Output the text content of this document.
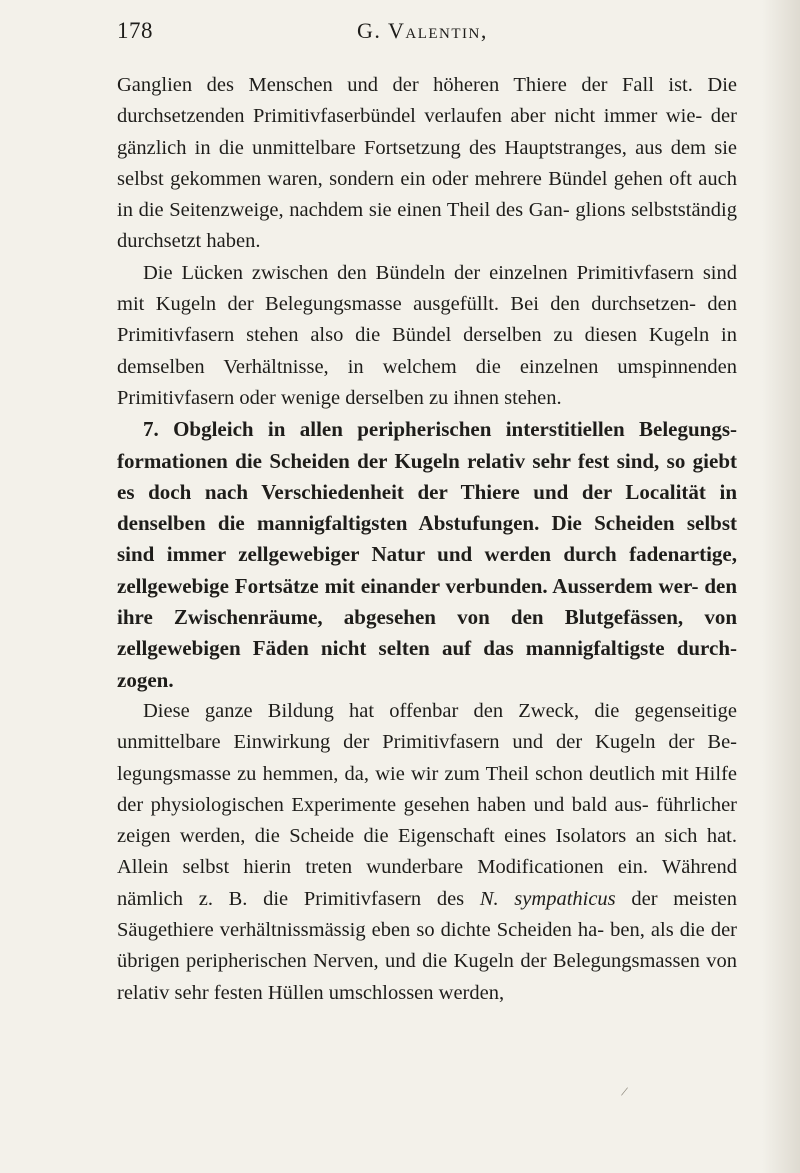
178	G. Valentin,

Ganglien des Menschen und der höheren Thiere der Fall ist. Die durchsetzenden Primitivfaserbündel verlaufen aber nicht immer wie- der gänzlich in die unmittelbare Fortsetzung des Hauptstranges, aus dem sie selbst gekommen waren, sondern ein oder mehrere Bündel gehen oft auch in die Seitenzweige, nachdem sie einen Theil des Gan- glions selbstständig durchsetzt haben.

Die Lücken zwischen den Bündeln der einzelnen Primitivfasern sind mit Kugeln der Belegungsmasse ausgefüllt. Bei den durchsetzen- den Primitivfasern stehen also die Bündel derselben zu diesen Kugeln in demselben Verhältnisse, in welchem die einzelnen umspinnenden Primitivfasern oder wenige derselben zu ihnen stehen.

7. Obgleich in allen peripherischen interstitiellen Belegungs- formationen die Scheiden der Kugeln relativ sehr fest sind, so giebt es doch nach Verschiedenheit der Thiere und der Localität in denselben die mannigfaltigsten Abstufungen. Die Scheiden selbst sind immer zellgewebiger Natur und werden durch fadenartige, zellgewebige Fortsätze mit einander verbunden. Ausserdem wer- den ihre Zwischenräume, abgesehen von den Blutgefässen, von zellgewebigen Fäden nicht selten auf das mannigfaltigste durch- zogen.

Diese ganze Bildung hat offenbar den Zweck, die gegenseitige unmittelbare Einwirkung der Primitivfasern und der Kugeln der Be- legungsmasse zu hemmen, da, wie wir zum Theil schon deutlich mit Hilfe der physiologischen Experimente gesehen haben und bald aus- führlicher zeigen werden, die Scheide die Eigenschaft eines Isolators an sich hat. Allein selbst hierin treten wunderbare Modificationen ein. Während nämlich z. B. die Primitivfasern des N. sympathicus der meisten Säugethiere verhältnissmässig eben so dichte Scheiden ha- ben, als die der übrigen peripherischen Nerven, und die Kugeln der Belegungsmassen von relativ sehr festen Hüllen umschlossen werden,

/
